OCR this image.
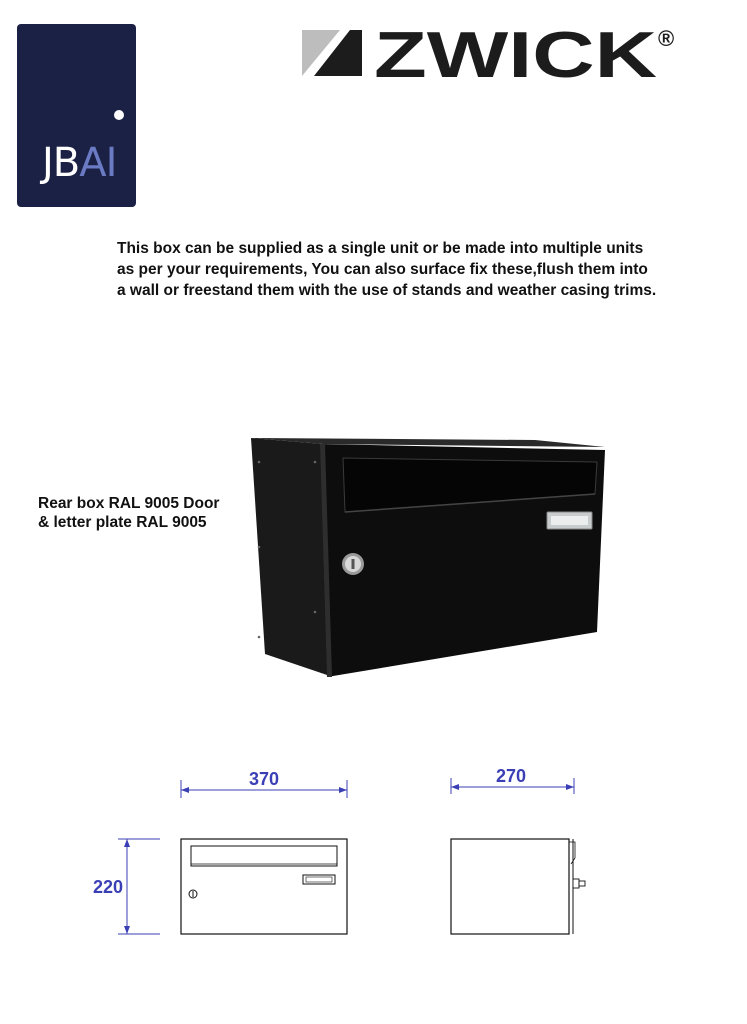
JBAI
ZWICK ®
This box can be supplied as a single unit or be made into multiple units
as per your requirements, You can also surface fix these,flush them into
a wall or freestand them with the use of stands and weather casing trims.
Rear box RAL 9005 Door
& letter plate RAL 9005
370
220
270
